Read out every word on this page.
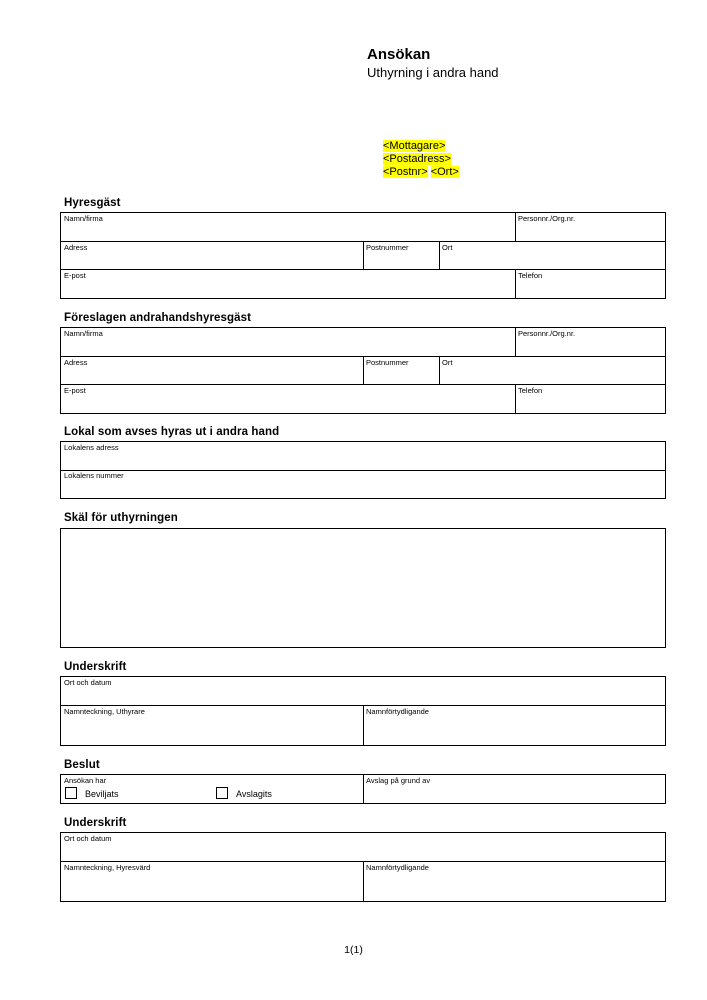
Ansökan
Uthyrning i andra hand
<Mottagare>
<Postadress>
<Postnr> <Ort>
Hyresgäst
Namn/firma	Personnr./Org.nr.
Adress	Postnummer	Ort
E-post	Telefon
Föreslagen andrahandshyresgäst
Namn/firma	Personnr./Org.nr.
Adress	Postnummer	Ort
E-post	Telefon
Lokal som avses hyras ut i andra hand
Lokalens adress
Lokalens nummer
Skäl för uthyrningen
Underskrift
Ort och datum
Namnteckning, Uthyrare	Namnförtydligande
Beslut
Ansökan har
Beviljats	Avslagits
Avslag på grund av
Underskrift
Ort och datum
Namnteckning, Hyresvärd	Namnförtydligande
1(1)
